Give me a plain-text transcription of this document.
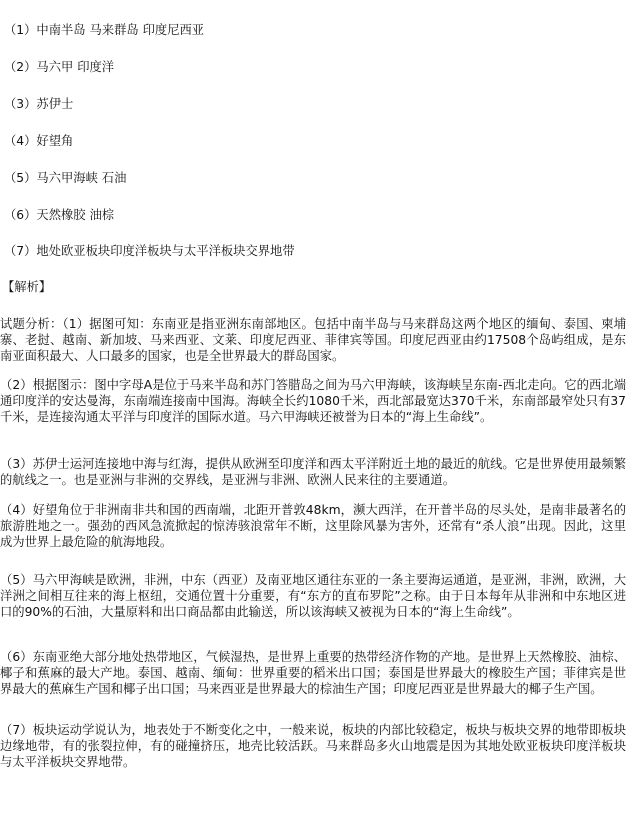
（1）中南半岛 马来群岛 印度尼西亚
（2）马六甲 印度洋
（3）苏伊士
（4）好望角
（5）马六甲海峡 石油
（6）天然橡胶 油棕
（7）地处欧亚板块印度洋板块与太平洋板块交界地带
【解析】
试题分析：（1）据图可知：东南亚是指亚洲东南部地区。包括中南半岛与马来群岛这两个地区的缅甸、泰国、柬埔寨、老挝、越南、新加坡、马来西亚、文莱、印度尼西亚、菲律宾等国。印度尼西亚由约17508个岛屿组成，是东南亚面积最大、人口最多的国家，也是全世界最大的群岛国家。
（2）根据图示：图中字母A是位于马来半岛和苏门答腊岛之间为马六甲海峡，该海峡呈东南-西北走向。它的西北端通印度洋的安达曼海，东南端连接南中国海。海峡全长约1080千米，西北部最宽达370千米，东南部最窄处只有37千米，是连接沟通太平洋与印度洋的国际水道。马六甲海峡还被誉为日本的“海上生命线”。
（3）苏伊士运河连接地中海与红海，提供从欧洲至印度洋和西太平洋附近土地的最近的航线。它是世界使用最频繁的航线之一。也是亚洲与非洲的交界线，是亚洲与非洲、欧洲人民来往的主要通道。
（4）好望角位于非洲南非共和国的西南端，北距开普敦48km，濒大西洋，在开普半岛的尽头处，是南非最著名的旅游胜地之一。强劲的西风急流掀起的惊涛骇浪常年不断，这里除风暴为害外，还常有“杀人浪”出现。因此，这里成为世界上最危险的航海地段。
（5）马六甲海峡是欧洲，非洲，中东（西亚）及南亚地区通往东亚的一条主要海运通道，是亚洲，非洲，欧洲，大洋洲之间相互往来的海上枢纽，交通位置十分重要，有“东方的直布罗陀”之称。由于日本每年从非洲和中东地区进口的90%的石油，大量原料和出口商品都由此输送，所以该海峡又被视为日本的“海上生命线”。
（6）东南亚绝大部分地处热带地区，气候湿热，是世界上重要的热带经济作物的产地。是世界上天然橡胶、油棕、椰子和蕉麻的最大产地。泰国、越南、缅甸：世界重要的稻米出口国；泰国是世界最大的橡胶生产国；菲律宾是世界最大的蕉麻生产国和椰子出口国；马来西亚是世界最大的棕油生产国；印度尼西亚是世界最大的椰子生产国。
（7）板块运动学说认为，地表处于不断变化之中，一般来说，板块的内部比较稳定，板块与板块交界的地带即板块边缘地带，有的张裂拉伸，有的碰撞挤压，地壳比较活跃。马来群岛多火山地震是因为其地处欧亚板块印度洋板块与太平洋板块交界地带。
